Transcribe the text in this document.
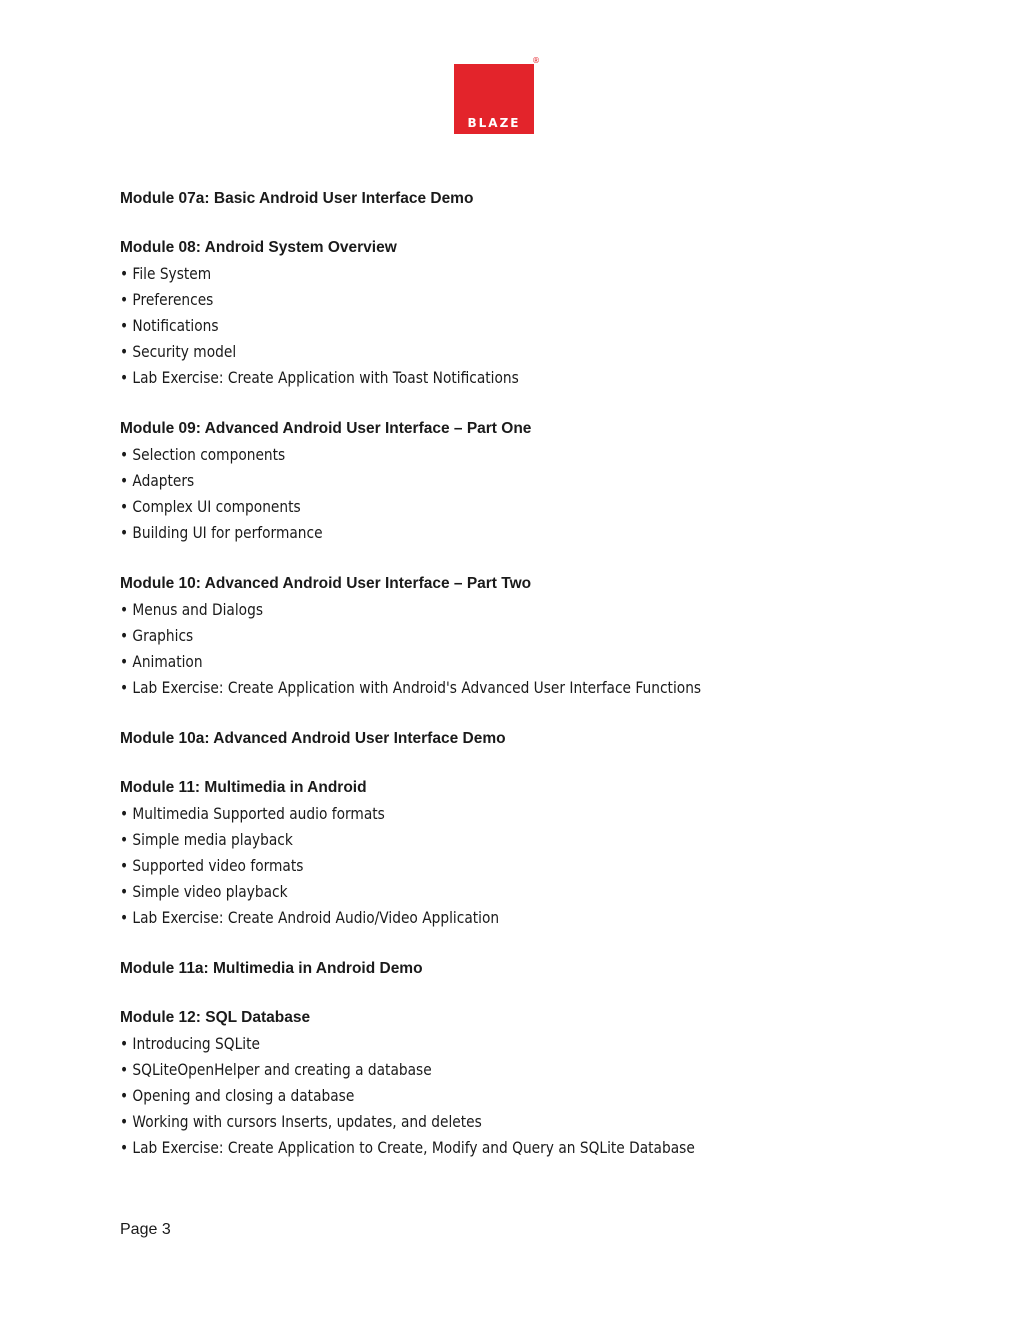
BLAZE
®

Module 07a: Basic Android User Interface Demo

Module 08: Android System Overview

• File System
• Preferences
• Notifications
• Security model
• Lab Exercise: Create Application with Toast Notifications

Module 09: Advanced Android User Interface – Part One

• Selection components
• Adapters
• Complex UI components
• Building UI for performance

Module 10: Advanced Android User Interface – Part Two

• Menus and Dialogs
• Graphics
• Animation
• Lab Exercise: Create Application with Android's Advanced User Interface Functions

Module 10a: Advanced Android User Interface Demo

Module 11: Multimedia in Android

• Multimedia Supported audio formats
• Simple media playback
• Supported video formats
• Simple video playback
• Lab Exercise: Create Android Audio/Video Application

Module 11a: Multimedia in Android Demo

Module 12: SQL Database

• Introducing SQLite
• SQLiteOpenHelper and creating a database
• Opening and closing a database
• Working with cursors Inserts, updates, and deletes
• Lab Exercise: Create Application to Create, Modify and Query an SQLite Database
Page 3
